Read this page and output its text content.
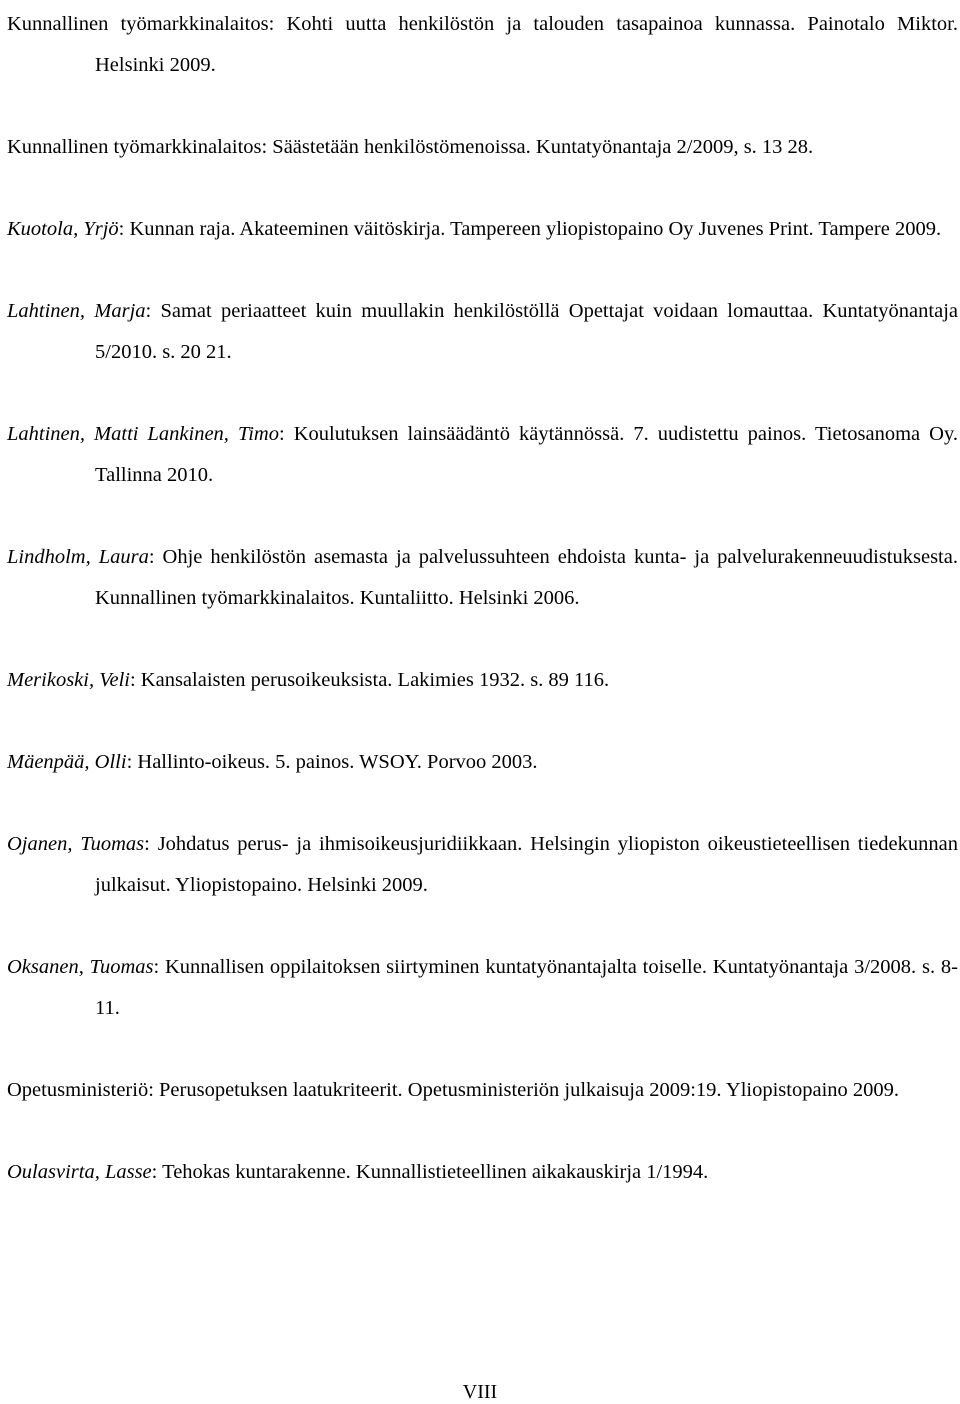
Kunnallinen työmarkkinalaitos: Kohti uutta henkilöstön ja talouden tasapainoa kunnassa. Painotalo Miktor. Helsinki 2009.

Kunnallinen työmarkkinalaitos: Säästetään henkilöstömenoissa. Kuntatyönantaja 2/2009, s. 13 28.

Kuotola, Yrjö: Kunnan raja. Akateeminen väitöskirja. Tampereen yliopistopaino Oy Juvenes Print. Tampere 2009.

Lahtinen, Marja: Samat periaatteet kuin muullakin henkilöstöllä Opettajat voidaan lomauttaa. Kuntatyönantaja 5/2010. s. 20 21.

Lahtinen, Matti Lankinen, Timo: Koulutuksen lainsäädäntö käytännössä. 7. uudistettu painos. Tietosanoma Oy. Tallinna 2010.

Lindholm, Laura: Ohje henkilöstön asemasta ja palvelussuhteen ehdoista kunta- ja palvelurakenneuudistuksesta. Kunnallinen työmarkkinalaitos. Kuntaliitto. Helsinki 2006.

Merikoski, Veli: Kansalaisten perusoikeuksista. Lakimies 1932. s. 89 116.

Mäenpää, Olli: Hallinto-oikeus. 5. painos. WSOY. Porvoo 2003.

Ojanen, Tuomas: Johdatus perus- ja ihmisoikeusjuridiikkaan. Helsingin yliopiston oikeustieteellisen tiedekunnan julkaisut. Yliopistopaino. Helsinki 2009.

Oksanen, Tuomas: Kunnallisen oppilaitoksen siirtyminen kuntatyönantajalta toiselle. Kuntatyönantaja 3/2008. s. 8-11.

Opetusministeriö: Perusopetuksen laatukriteerit. Opetusministeriön julkaisuja 2009:19. Yliopistopaino 2009.

Oulasvirta, Lasse: Tehokas kuntarakenne. Kunnallistieteellinen aikakauskirja 1/1994.

VIII
